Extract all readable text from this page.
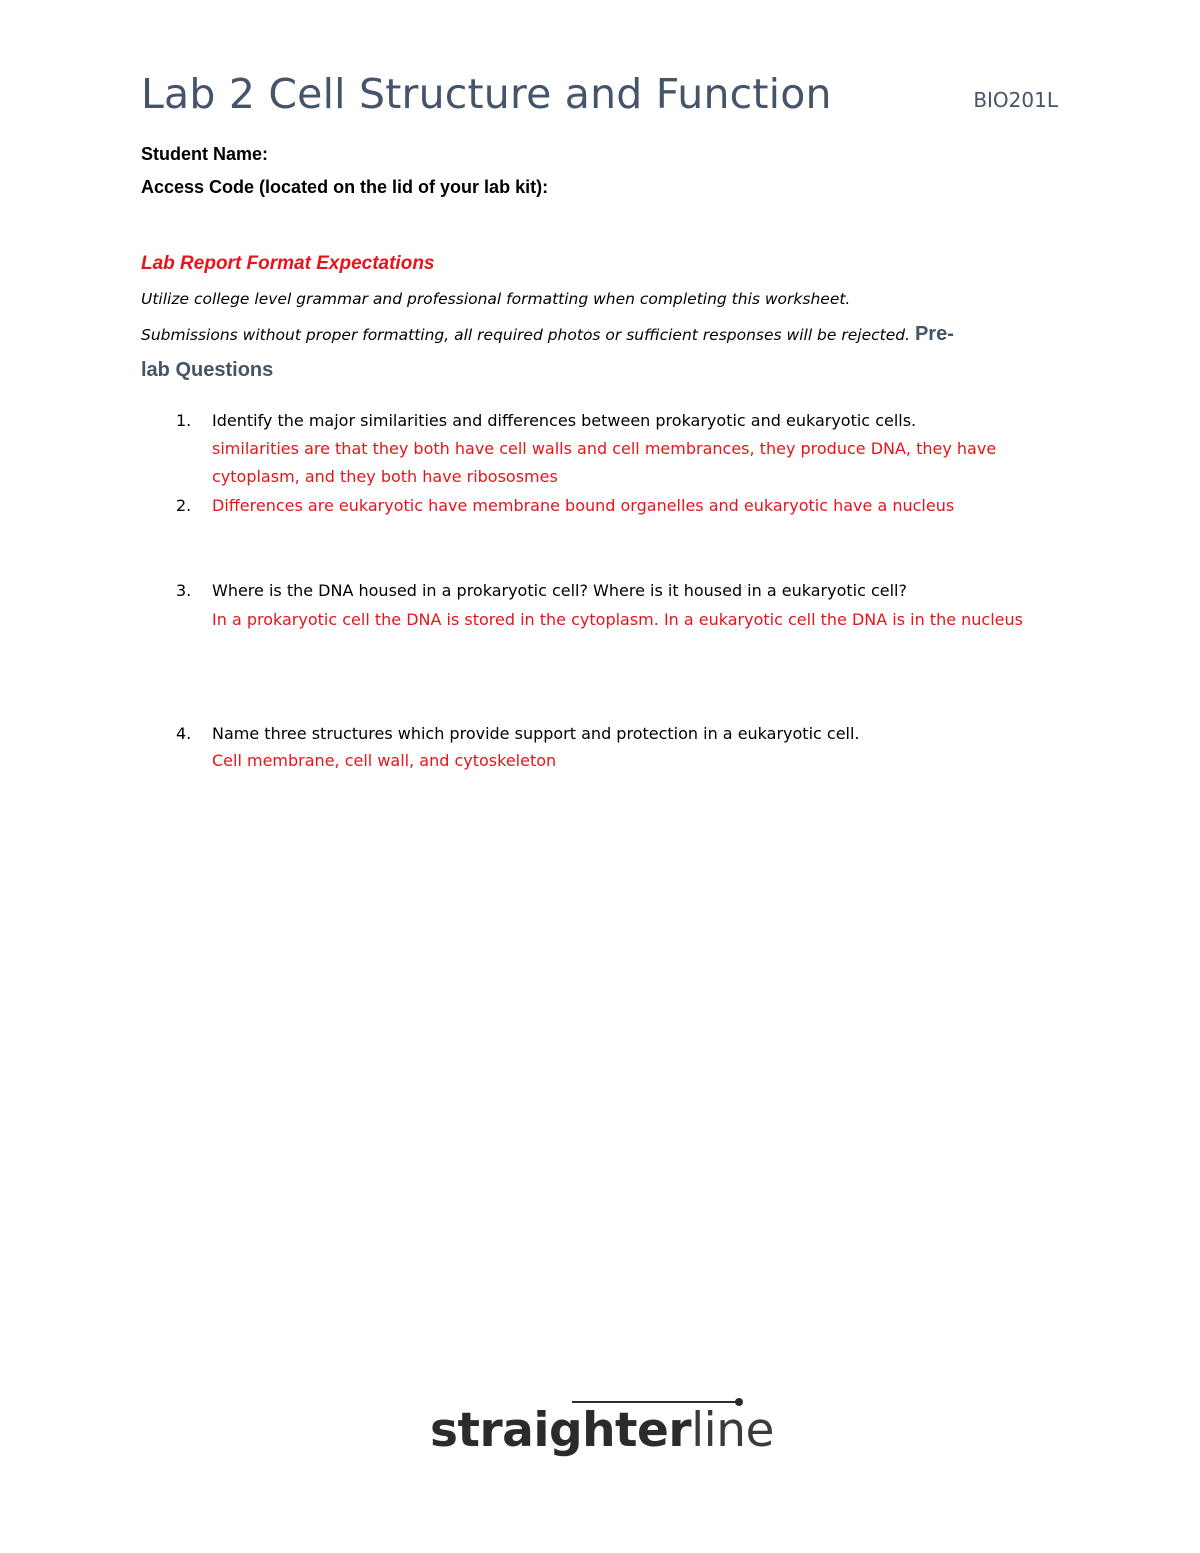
Lab 2 Cell Structure and Function	BIO201L
Student Name:
Access Code (located on the lid of your lab kit):
Lab Report Format Expectations
Utilize college level grammar and professional formatting when completing this worksheet.
Submissions without proper formatting, all required photos or sufficient responses will be rejected. Pre-
lab Questions
1. Identify the major similarities and differences between prokaryotic and eukaryotic cells.
similarities are that they both have cell walls and cell membrances, they produce DNA, they have cytoplasm, and they both have ribososmes
2. Differences are eukaryotic have membrane bound organelles and eukaryotic have a nucleus
3. Where is the DNA housed in a prokaryotic cell? Where is it housed in a eukaryotic cell?
In a prokaryotic cell the DNA is stored in the cytoplasm. In a eukaryotic cell the DNA is in the nucleus
4. Name three structures which provide support and protection in a eukaryotic cell.
Cell membrane, cell wall, and cytoskeleton
straighterline
